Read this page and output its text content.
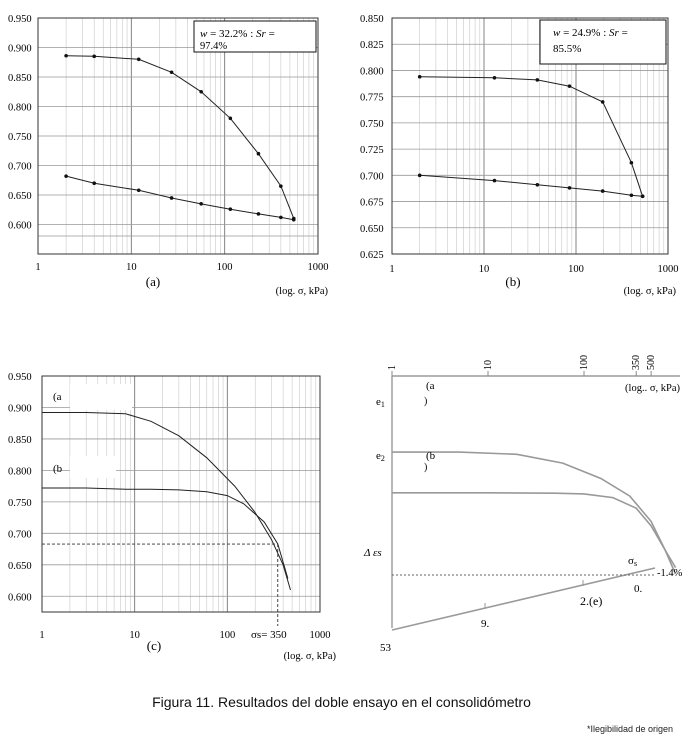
0.950
0.900
0.850
0.800
0.750
0.700
0.650
0.600
1	10	100	1000
w = 32.2% : Sr =
97.4%
(a)
(log. σ, kPa)
0.850
0.825
0.800
0.775
0.750
0.725
0.700
0.675
0.650
0.625
1	10	100	1000
w = 24.9% : Sr =
85.5%
(b)
(log. σ, kPa)
0.950
0.900
0.850
0.800
0.750
0.700
0.650
0.600
1	10	100	1000
(a
(b
(c)
σs= 350
(log. σ, kPa)
1	10	100	350 500
(log.. σ, kPa)
(a
)
(b
)
e1
e2
Δ εs
σs
-1.4%
2.(e)
9.
0.
53
Figura 11. Resultados del doble ensayo en el consolidómetro
*Ilegibilidad de origen
